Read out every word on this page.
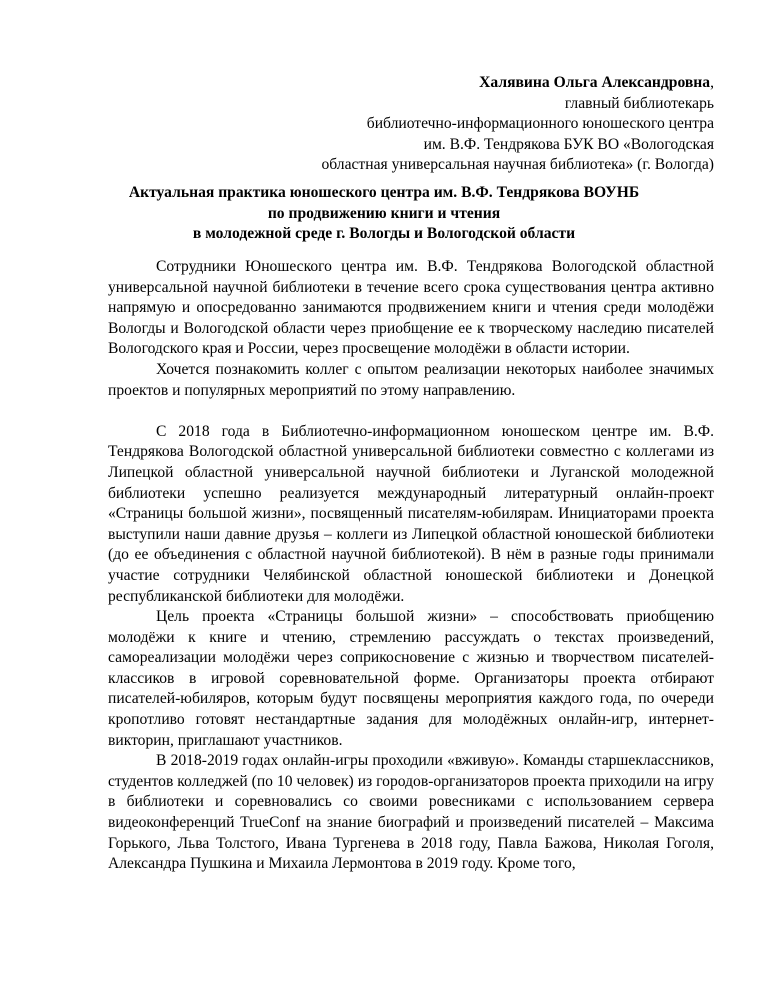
Халявина Ольга Александровна,
главный библиотекарь
библиотечно-информационного юношеского центра
им. В.Ф. Тендрякова БУК ВО «Вологодская
областная универсальная научная библиотека» (г. Вологда)
Актуальная практика юношеского центра им. В.Ф. Тендрякова ВОУНБ
по продвижению книги и чтения
в молодежной среде г. Вологды и Вологодской области

Сотрудники Юношеского центра им. В.Ф. Тендрякова Вологодской областной универсальной научной библиотеки в течение всего срока существования центра активно напрямую и опосредованно занимаются продвижением книги и чтения среди молодёжи Вологды и Вологодской области через приобщение ее к творческому наследию писателей Вологодского края и России, через просвещение молодёжи в области истории.

Хочется познакомить коллег с опытом реализации некоторых наиболее значимых проектов и популярных мероприятий по этому направлению.

С 2018 года в Библиотечно-информационном юношеском центре им. В.Ф. Тендрякова Вологодской областной универсальной библиотеки совместно с коллегами из Липецкой областной универсальной научной библиотеки и Луганской молодежной библиотеки успешно реализуется международный литературный онлайн-проект «Страницы большой жизни», посвященный писателям-юбилярам. Инициаторами проекта выступили наши давние друзья – коллеги из Липецкой областной юношеской библиотеки (до ее объединения с областной научной библиотекой). В нём в разные годы принимали участие сотрудники Челябинской областной юношеской библиотеки и Донецкой республиканской библиотеки для молодёжи.

Цель проекта «Страницы большой жизни» – способствовать приобщению молодёжи к книге и чтению, стремлению рассуждать о текстах произведений, самореализации молодёжи через соприкосновение с жизнью и творчеством писателей-классиков в игровой соревновательной форме. Организаторы проекта отбирают писателей-юбиляров, которым будут посвящены мероприятия каждого года, по очереди кропотливо готовят нестандартные задания для молодёжных онлайн-игр, интернет-викторин, приглашают участников.

В 2018-2019 годах онлайн-игры проходили «вживую». Команды старшеклассников, студентов колледжей (по 10 человек) из городов-организаторов проекта приходили на игру в библиотеки и соревновались со своими ровесниками с использованием сервера видеоконференций TrueConf на знание биографий и произведений писателей – Максима Горького, Льва Толстого, Ивана Тургенева в 2018 году, Павла Бажова, Николая Гоголя, Александра Пушкина и Михаила Лермонтова в 2019 году. Кроме того,
